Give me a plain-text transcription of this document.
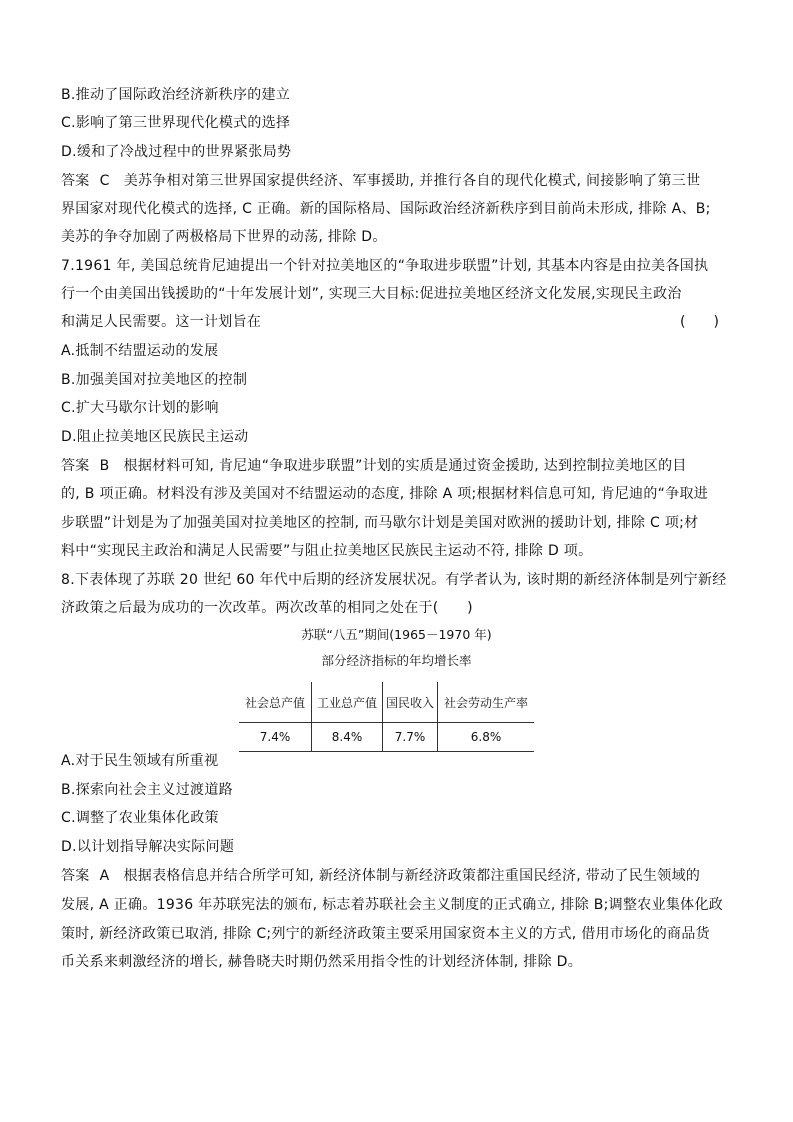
B.推动了国际政治经济新秩序的建立
C.影响了第三世界现代化模式的选择
D.缓和了冷战过程中的世界紧张局势
答案 C 美苏争相对第三世界国家提供经济、军事援助, 并推行各自的现代化模式, 间接影响了第三世
界国家对现代化模式的选择, C 正确。新的国际格局、国际政治经济新秩序到目前尚未形成, 排除 A、B;
美苏的争夺加剧了两极格局下世界的动荡, 排除 D。
7.1961 年, 美国总统肯尼迪提出一个针对拉美地区的“争取进步联盟”计划, 其基本内容是由拉美各国执
行一个由美国出钱援助的“十年发展计划”, 实现三大目标:促进拉美地区经济文化发展,实现民主政治
和满足人民需要。这一计划旨在	(　　)
A.抵制不结盟运动的发展
B.加强美国对拉美地区的控制
C.扩大马歇尔计划的影响
D.阻止拉美地区民族民主运动
答案 B 根据材料可知, 肯尼迪“争取进步联盟”计划的实质是通过资金援助, 达到控制拉美地区的目
的, B 项正确。材料没有涉及美国对不结盟运动的态度, 排除 A 项;根据材料信息可知, 肯尼迪的“争取进
步联盟”计划是为了加强美国对拉美地区的控制, 而马歇尔计划是美国对欧洲的援助计划, 排除 C 项;材
料中“实现民主政治和满足人民需要”与阻止拉美地区民族民主运动不符, 排除 D 项。
8.下表体现了苏联 20 世纪 60 年代中后期的经济发展状况。有学者认为, 该时期的新经济体制是列宁新经
济政策之后最为成功的一次改革。两次改革的相同之处在于(　　)
苏联“八五”期间(1965－1970 年)
部分经济指标的年均增长率
社会总产值	工业总产值	国民收入	社会劳动生产率
7.4%	8.4%	7.7%	6.8%
A.对于民生领域有所重视
B.探索向社会主义过渡道路
C.调整了农业集体化政策
D.以计划指导解决实际问题
答案 A 根据表格信息并结合所学可知, 新经济体制与新经济政策都注重国民经济, 带动了民生领域的
发展, A 正确。1936 年苏联宪法的颁布, 标志着苏联社会主义制度的正式确立, 排除 B;调整农业集体化政
策时, 新经济政策已取消, 排除 C;列宁的新经济政策主要采用国家资本主义的方式, 借用市场化的商品货
币关系来刺激经济的增长, 赫鲁晓夫时期仍然采用指令性的计划经济体制, 排除 D。
